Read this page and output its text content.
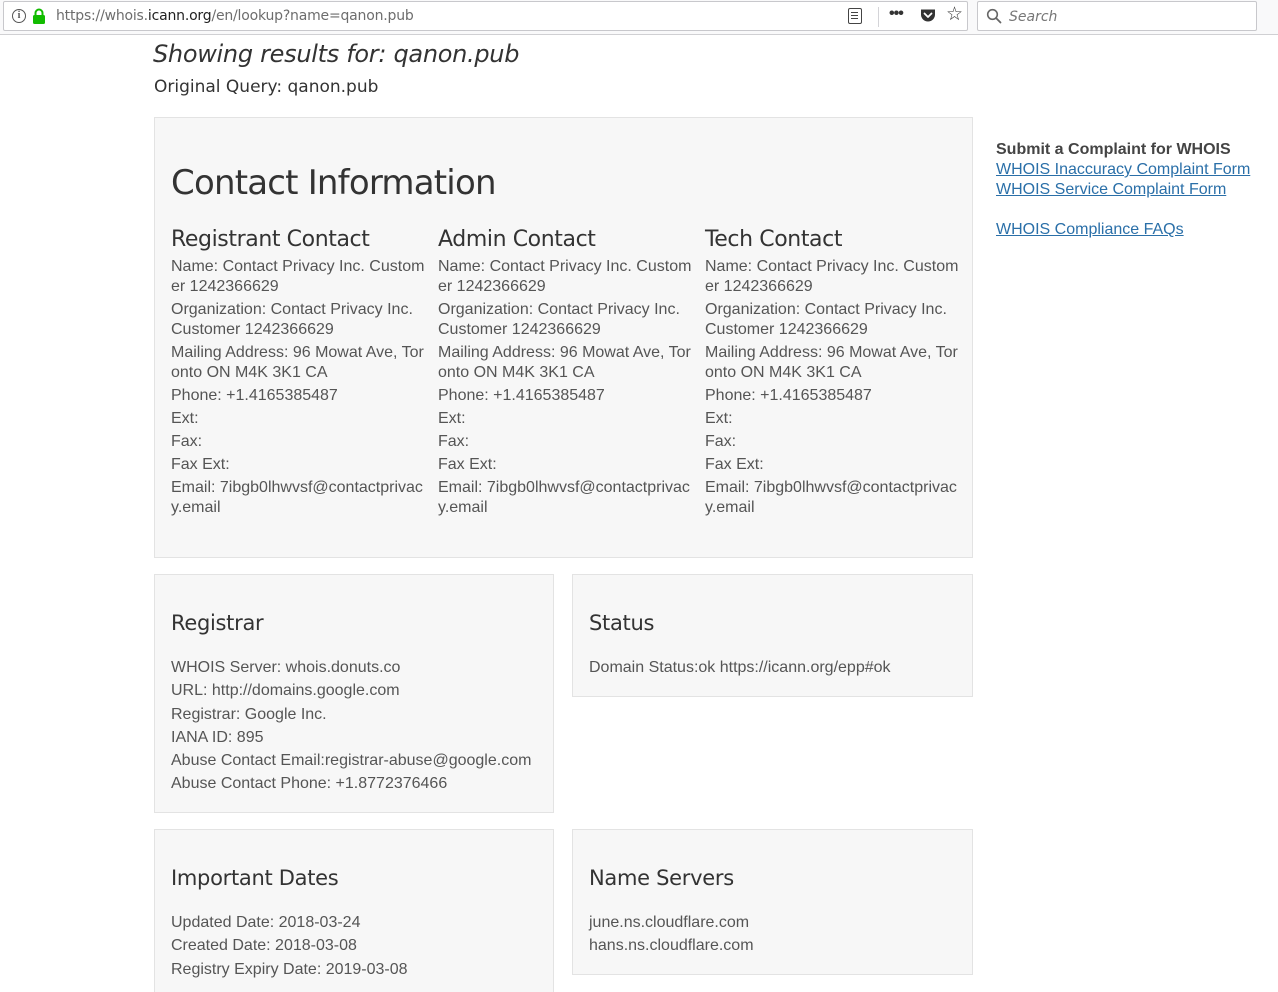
i	https://whois.icann.org/en/lookup?name=qanon.pub	••• ☆	Search
Showing results for: qanon.pub
Original Query: qanon.pub
Contact Information
Registrant Contact
Name: Contact Privacy Inc. Customer 1242366629
Organization: Contact Privacy Inc. Customer 1242366629
Mailing Address: 96 Mowat Ave, Toronto ON M4K 3K1 CA
Phone: +1.4165385487
Ext:
Fax:
Fax Ext:
Email: 7ibgb0lhwvsf@contactprivacy.email
Admin Contact
Name: Contact Privacy Inc. Customer 1242366629
Organization: Contact Privacy Inc. Customer 1242366629
Mailing Address: 96 Mowat Ave, Toronto ON M4K 3K1 CA
Phone: +1.4165385487
Ext:
Fax:
Fax Ext:
Email: 7ibgb0lhwvsf@contactprivacy.email
Tech Contact
Name: Contact Privacy Inc. Customer 1242366629
Organization: Contact Privacy Inc. Customer 1242366629
Mailing Address: 96 Mowat Ave, Toronto ON M4K 3K1 CA
Phone: +1.4165385487
Ext:
Fax:
Fax Ext:
Email: 7ibgb0lhwvsf@contactprivacy.email
Registrar
WHOIS Server: whois.donuts.co
URL: http://domains.google.com
Registrar: Google Inc.
IANA ID: 895
Abuse Contact Email:registrar-abuse@google.com
Abuse Contact Phone: +1.8772376466
Status
Domain Status:ok https://icann.org/epp#ok
Important Dates
Updated Date: 2018-03-24
Created Date: 2018-03-08
Registry Expiry Date: 2019-03-08
Name Servers
june.ns.cloudflare.com
hans.ns.cloudflare.com
Submit a Complaint for WHOIS
WHOIS Inaccuracy Complaint Form
WHOIS Service Complaint Form
WHOIS Compliance FAQs
